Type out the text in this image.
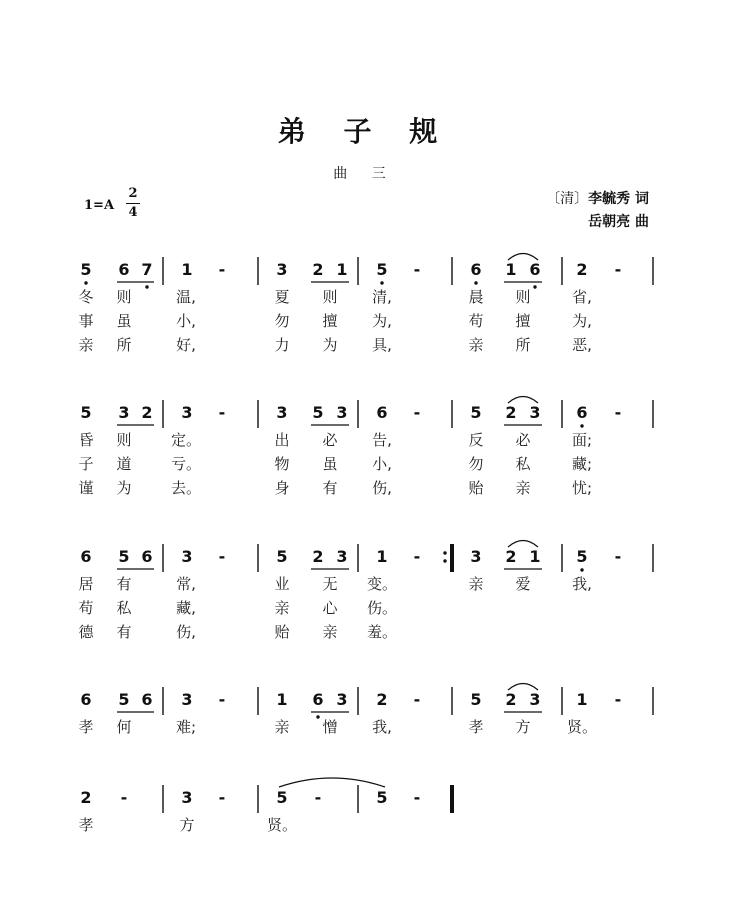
弟 子 规
曲 三
1=A
2
4
〔清〕李毓秀 词
岳朝亮 曲
5 6 7 1 -	3 2 1 5 -	6 1 6 2 -
冬 则	温,	夏 则 清,	晨 则	省,
事 虽	小,	勿 擅 为,	苟 擅	为,
亲 所	好,	力 为 具,	亲 所	恶,
5 3 2 3 -	3 5 3 6 -	5 2 3 6 -
昏 则	定。	出 必 告,	反 必	面;
子 道	亏。	物 虽 小,	勿 私	藏;
谨 为	去。	身 有 伤,	贻 亲	忧;
6 5 6 3 -	5 2 3 1 -	3 2 1 5 -
居 有	常,	业 无 变。	亲 爱	我,
苟 私	藏,	亲 心 伤。
德 有	伤,	贻 亲 羞。
6 5 6 3 -	1 6 3 2 -	5 2 3 1 -
孝 何	难;	亲 憎 我,	孝 方 贤。
2 -	3 -	5 -	5 -
孝	方	贤。
